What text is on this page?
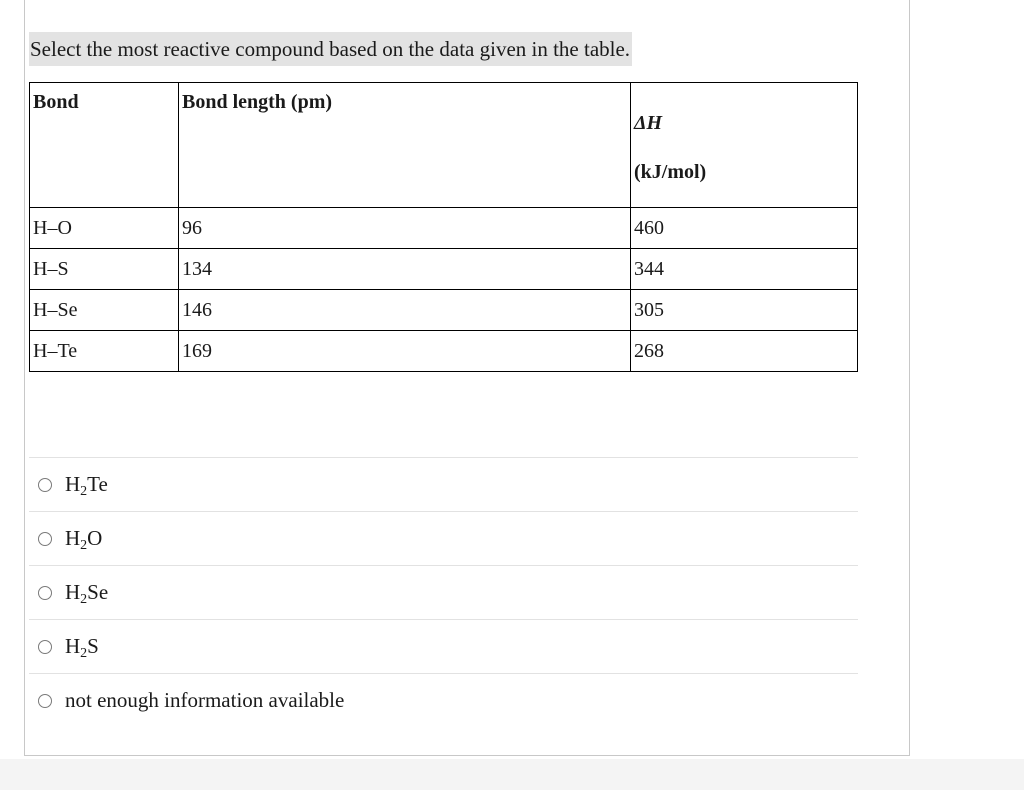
Select the most reactive compound based on the data given in the table.
Bond	Bond length (pm)	ΔH
(kJ/mol)

H–O	96	460
H–S	134	344
H–Se	146	305
H–Te	169	268
$H_2Te$
$H_2O$
$H_2Se$
$H_2S$
not enough information available
